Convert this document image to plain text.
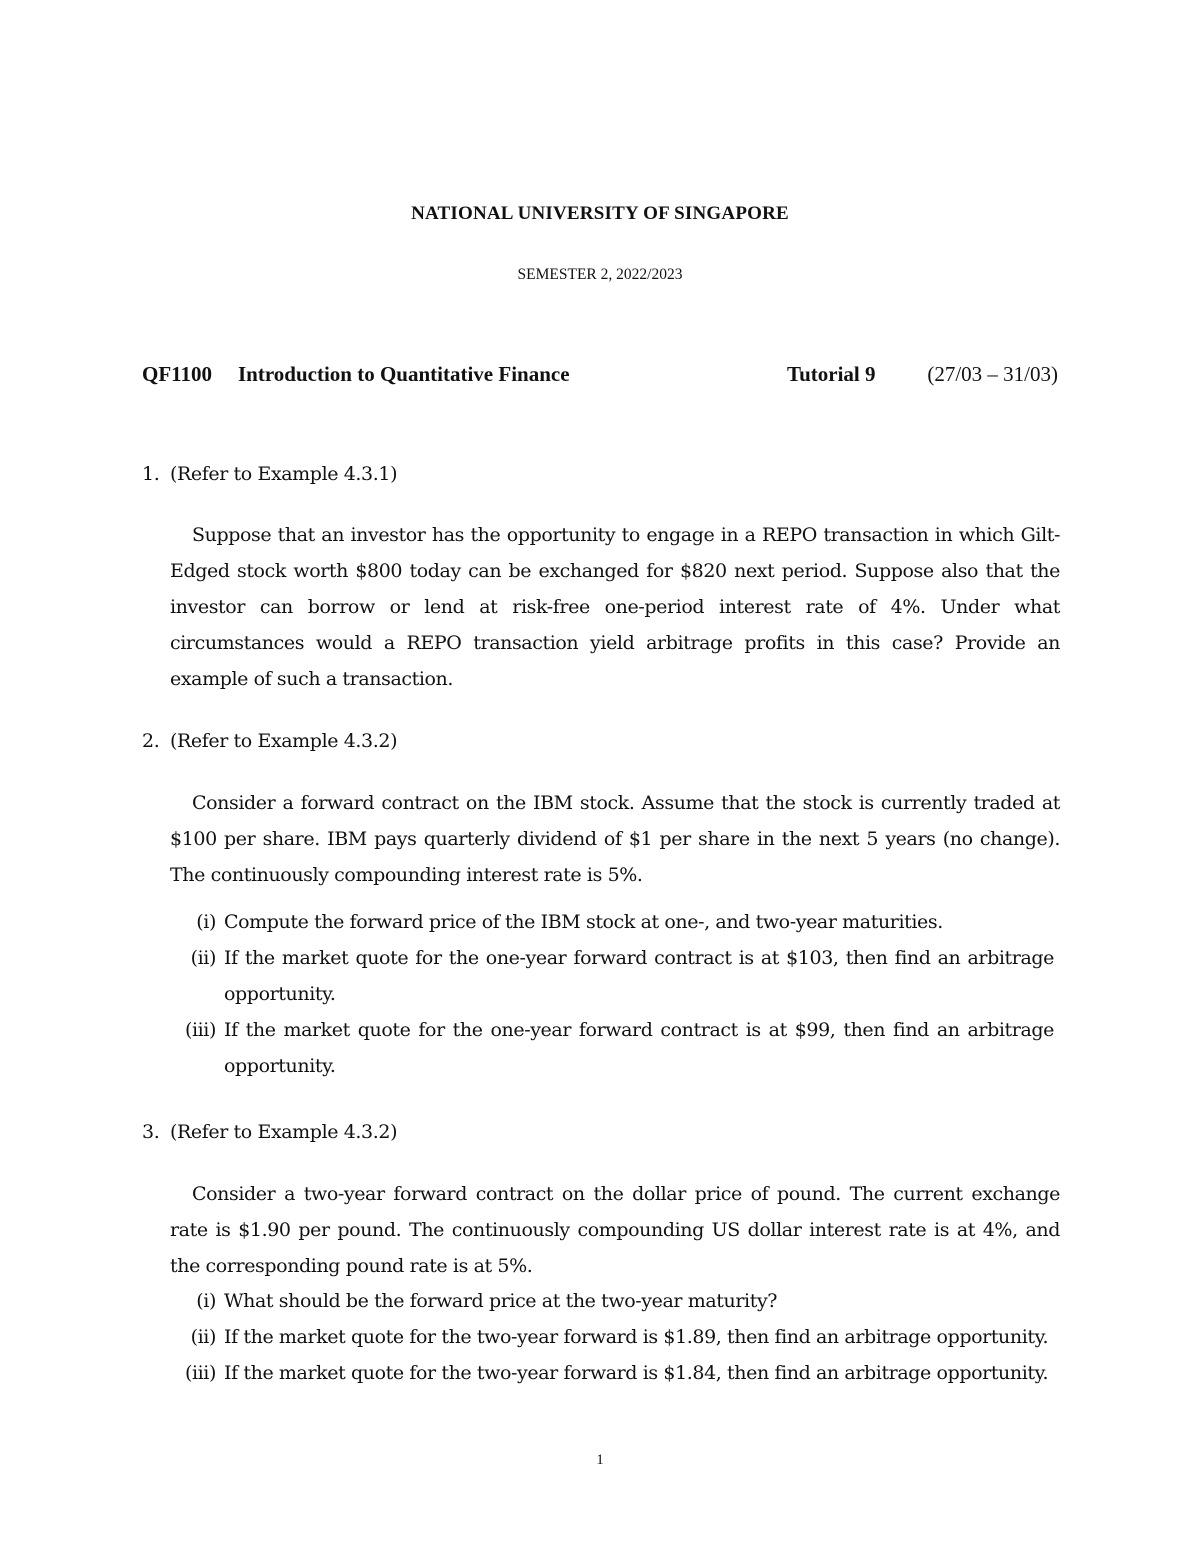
NATIONAL UNIVERSITY OF SINGAPORE
SEMESTER 2, 2022/2023
QF1100 Introduction to Quantitative Finance	Tutorial 9 (27/03 – 31/03)
1. (Refer to Example 4.3.1)
Suppose that an investor has the opportunity to engage in a REPO transaction in which Gilt-Edged stock worth $800 today can be exchanged for $820 next period. Suppose also that the investor can borrow or lend at risk-free one-period interest rate of 4%. Under what circumstances would a REPO transaction yield arbitrage profits in this case? Provide an example of such a transaction.
2. (Refer to Example 4.3.2)
Consider a forward contract on the IBM stock. Assume that the stock is currently traded at $100 per share. IBM pays quarterly dividend of $1 per share in the next 5 years (no change). The continuously compounding interest rate is 5%.
(i) Compute the forward price of the IBM stock at one-, and two-year maturities.
(ii) If the market quote for the one-year forward contract is at $103, then find an arbitrage opportunity.
(iii) If the market quote for the one-year forward contract is at $99, then find an arbitrage opportunity.
3. (Refer to Example 4.3.2)
Consider a two-year forward contract on the dollar price of pound. The current exchange rate is $1.90 per pound. The continuously compounding US dollar interest rate is at 4%, and the corresponding pound rate is at 5%.
(i) What should be the forward price at the two-year maturity?
(ii) If the market quote for the two-year forward is $1.89, then find an arbitrage opportunity.
(iii) If the market quote for the two-year forward is $1.84, then find an arbitrage opportunity.
1
